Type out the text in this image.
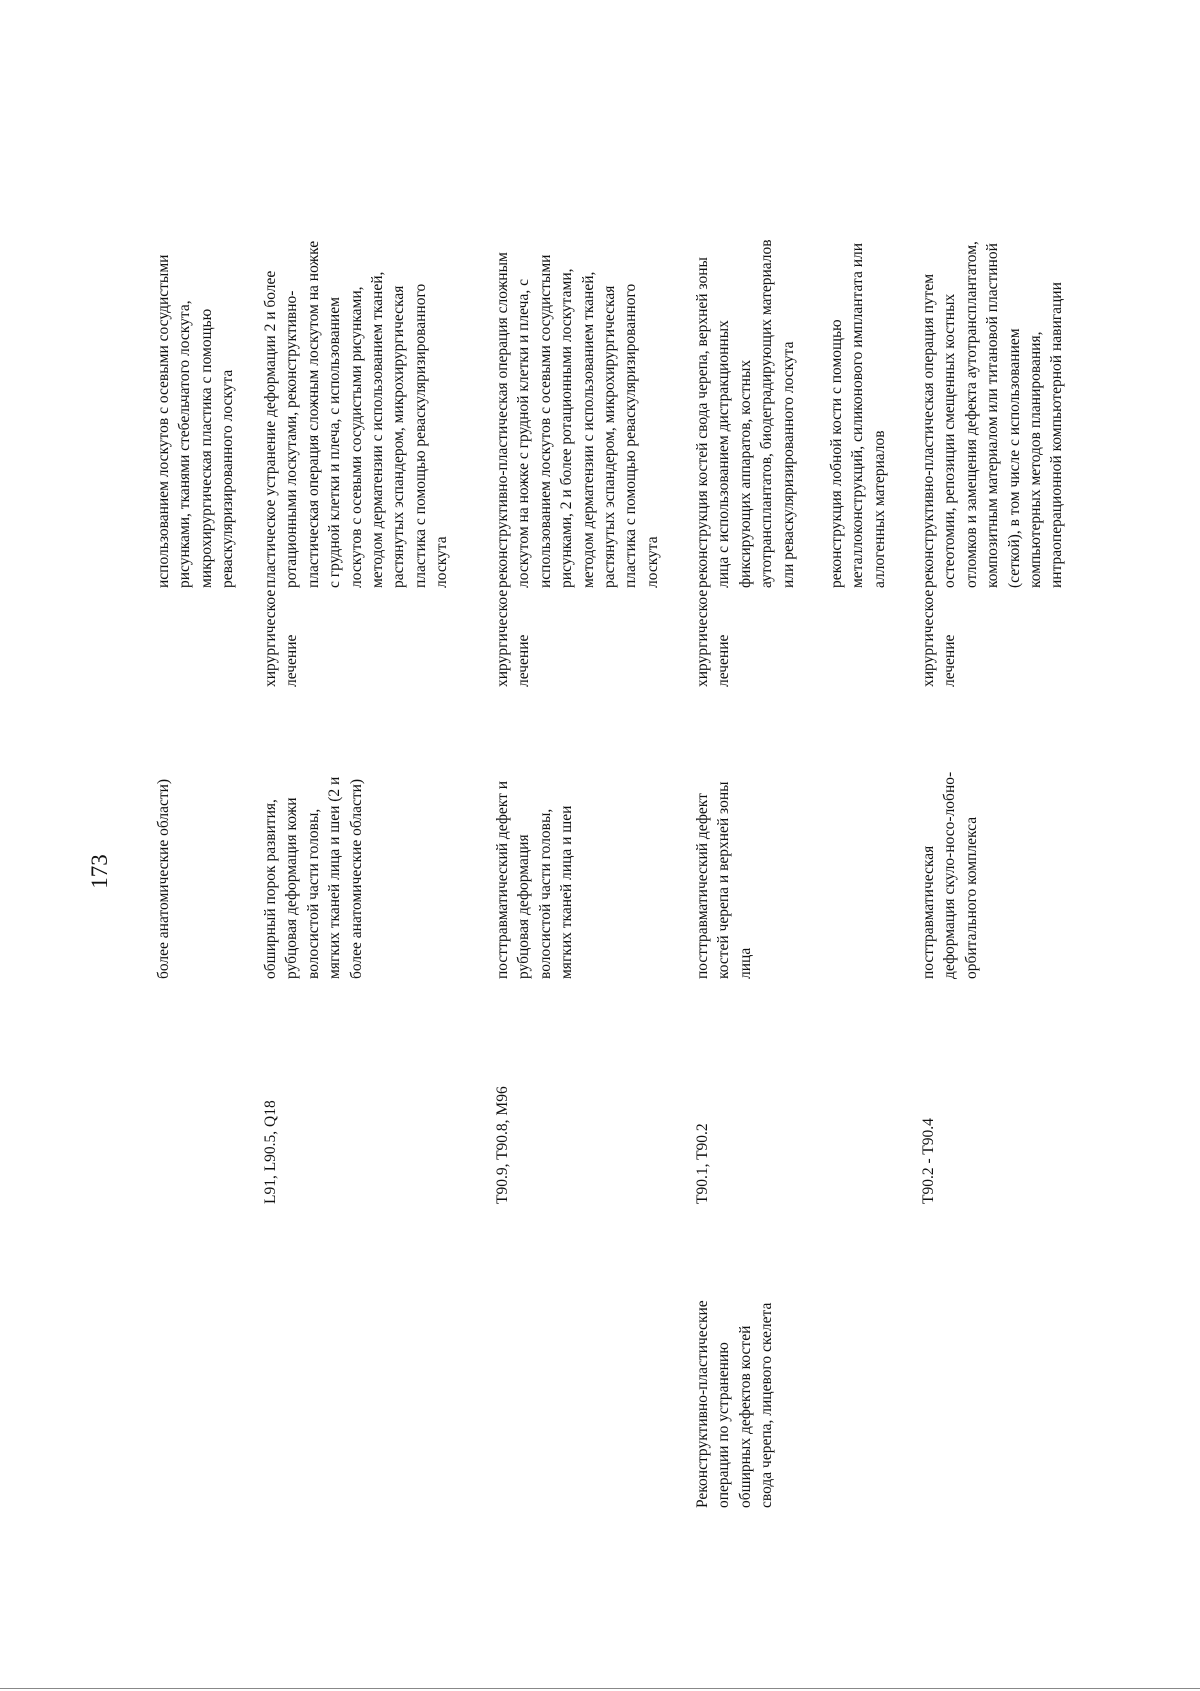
173	более анатомические области)
использованием лоскутов с осевыми сосудистыми рисунками, тканями стебельчатого лоскута, микрохирургическая пластика с помощью реваскуляризированного лоскута
L91, L90.5, Q18
обширный порок развития, рубцовая деформация кожи волосистой части головы, мягких тканей лица и шеи (2 и более анатомические области)
хирургическое лечение
пластическое устранение деформации 2 и более ротационными лоскутами, реконструктивно- пластическая операция сложным лоскутом на ножке с грудной клетки и плеча, с использованием лоскутов с осевыми сосудистыми рисунками, методом дерматензии с использованием тканей, растянутых эспандером, микрохирургическая пластика с помощью реваскуляризированного лоскута
T90.9, T90.8, M96
посттравматический дефект и рубцовая деформация волосистой части головы, мягких тканей лица и шеи
хирургическое лечение
реконструктивно-пластическая операция сложным лоскутом на ножке с грудной клетки и плеча, с использованием лоскутов с осевыми сосудистыми рисунками, 2 и более ротационными лоскутами, методом дерматензии с использованием тканей, растянутых эспандером, микрохирургическая пластика с помощью реваскуляризированного лоскута
Реконструктивно-пластические операции по устранению обширных дефектов костей свода черепа, лицевого скелета
T90.1, T90.2
посттравматический дефект костей черепа и верхней зоны лица
хирургическое лечение
реконструкция костей свода черепа, верхней зоны лица с использованием дистракционных фиксирующих аппаратов, костных аутотрансплантатов, биодеградирующих материалов или реваскуляризированного лоскута реконструкция лобной кости с помощью металлоконструкций, силиконового имплантата или аллогенных материалов
T90.2 - T90.4
посттравматическая деформация скуло-носо-лобно- орбитального комплекса
хирургическое лечение
реконструктивно-пластическая операция путем остеотомии, репозиции смещенных костных отломков и замещения дефекта аутотрансплантатом, композитным материалом или титановой пластиной (сеткой), в том числе с использованием компьютерных методов планирования, интраоперационной компьютерной навигации
